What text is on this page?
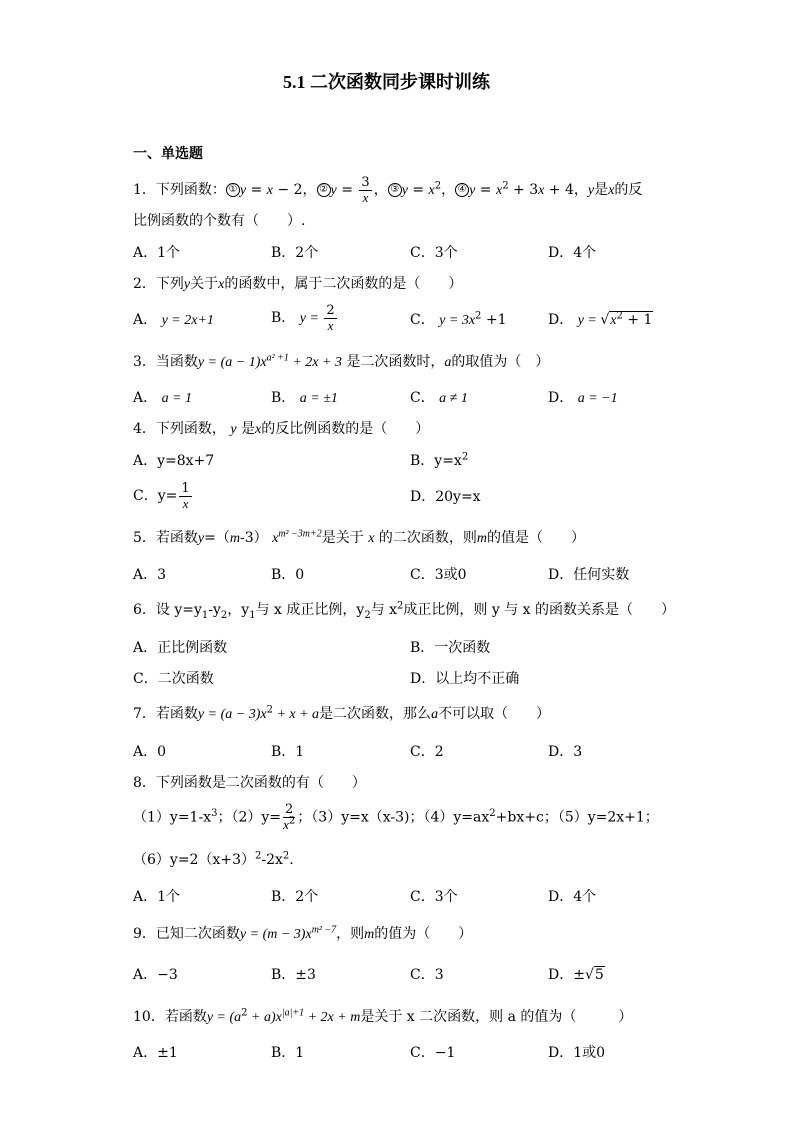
5.1 二次函数同步课时训练
一、单选题
1．下列函数： ① y = x − 2， ② $y = \frac{3}{x}$ ， ③ $y = x^2$， ④ $y = x^2 + 3x + 4$，y是x的反
比例函数的个数有（　　）.
A．1个	B．2个	C．3个	D．4个
2．下列y关于x的函数中，属于二次函数的是（　　）
A． y = 2x+1	B． $y = \frac{2}{x}$	C． $y = 3x^2 +1$	D． $y = √x^2 + 1$
3．当函数$y = (a - 1)x^{a^2 +1} + 2x + 3$ 是二次函数时，a的取值为（　）
A． a = 1	B． a = ±1	C． a ≠ 1	D． a = −1
4．下列函数， y 是x的反比例函数的是（　　）
A．y=8x+7	B．$y=x^2$
C．$y= \frac{1}{x}$	D．20y=x
5．若函数y=（m-3） $x^{m^2 -3m+2}$是关于 x 的二次函数，则m的值是（　　）
A．3	B．0	C．3或0	D．任何实数
6．设 $y=y_1-y_2$，$y_1$与 x 成正比例，$y_2$与 $x^2$成正比例，则 y 与 x 的函数关系是（　　）
A．正比例函数	B．一次函数
C．二次函数	D．以上均不正确
7．若函数$y = (a - 3)x^2 + x + a$是二次函数，那么a不可以取（　　）
A．0	B．1	C．2	D．3
8．下列函数是二次函数的有（　　）
$(1)y=1-x^3$；$(2)y= \frac{2}{x^2}$ ；（3）y=x（x-3)；$(4)y=ax^2+bx+c$；（5）y=2x+1；
$(6)y=2(x+3)^2-2x^2$.
A．1个	B．2个	C．3个	D．4个
9．已知二次函数$y = (m - 3)x^{m^2 -7}$，则m的值为（　　）
A．−3	B．±3	C．3	D．±√5
10．若函数$y = (a^2 + a)x^{|a|+1} + 2x + m$是关于 x 二次函数，则 a 的值为（　　　）
A．±1	B．1	C．−1	D．1或0
